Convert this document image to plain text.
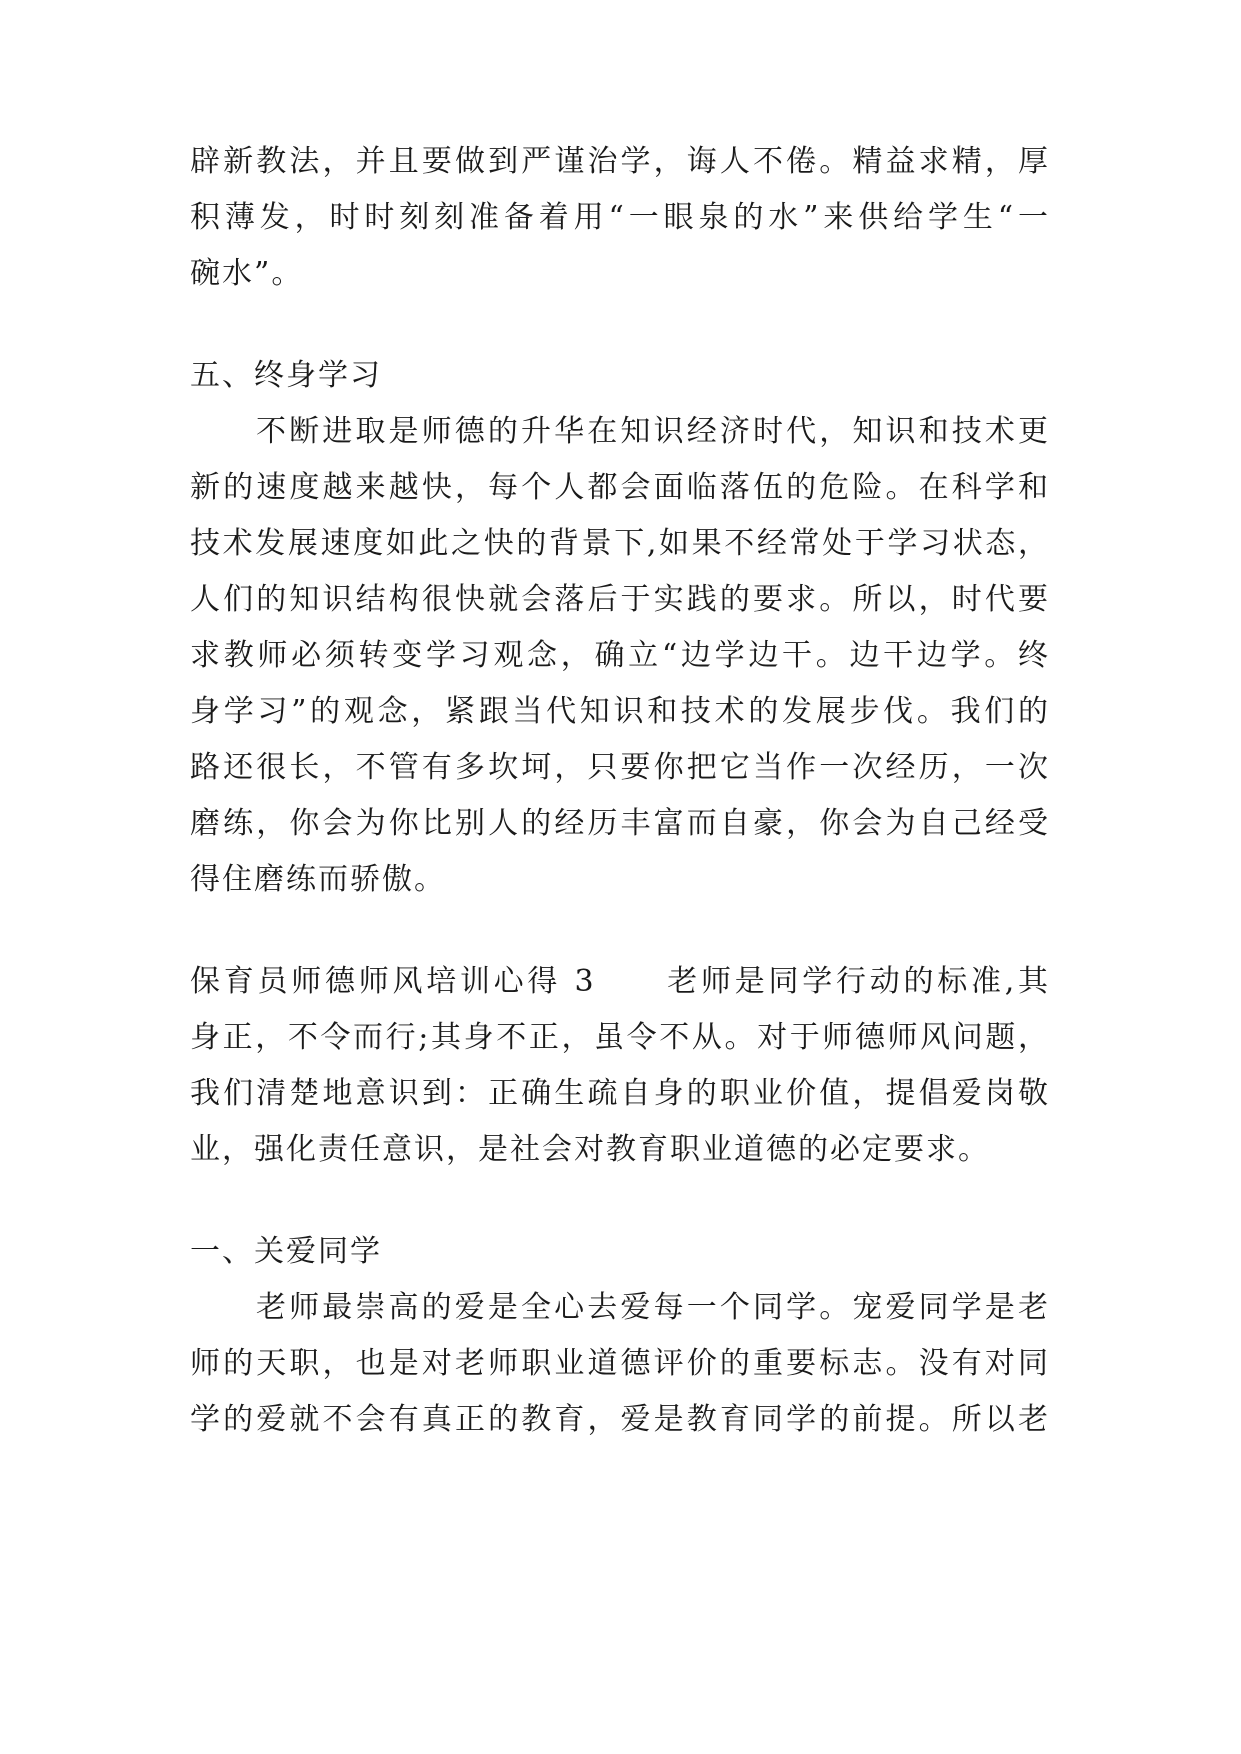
辟新教法，并且要做到严谨治学，诲人不倦。精益求精，厚
积薄发，时时刻刻准备着用“一眼泉的水”来供给学生“一
碗水”。
五、终身学习
不断进取是师德的升华在知识经济时代，知识和技术更
新的速度越来越快，每个人都会面临落伍的危险。在科学和
技术发展速度如此之快的背景下,如果不经常处于学习状态，
人们的知识结构很快就会落后于实践的要求。所以，时代要
求教师必须转变学习观念，确立“边学边干。边干边学。终
身学习”的观念，紧跟当代知识和技术的发展步伐。我们的
路还很长，不管有多坎坷，只要你把它当作一次经历，一次
磨练，你会为你比别人的经历丰富而自豪，你会为自己经受
得住磨练而骄傲。
保育员师德师风培训心得 3 老师是同学行动的标准,其
身正，不令而行;其身不正，虽令不从。对于师德师风问题，
我们清楚地意识到：正确生疏自身的职业价值，提倡爱岗敬
业，强化责任意识，是社会对教育职业道德的必定要求。
一、关爱同学
老师最崇高的爱是全心去爱每一个同学。宠爱同学是老
师的天职，也是对老师职业道德评价的重要标志。没有对同
学的爱就不会有真正的教育，爱是教育同学的前提。所以老
